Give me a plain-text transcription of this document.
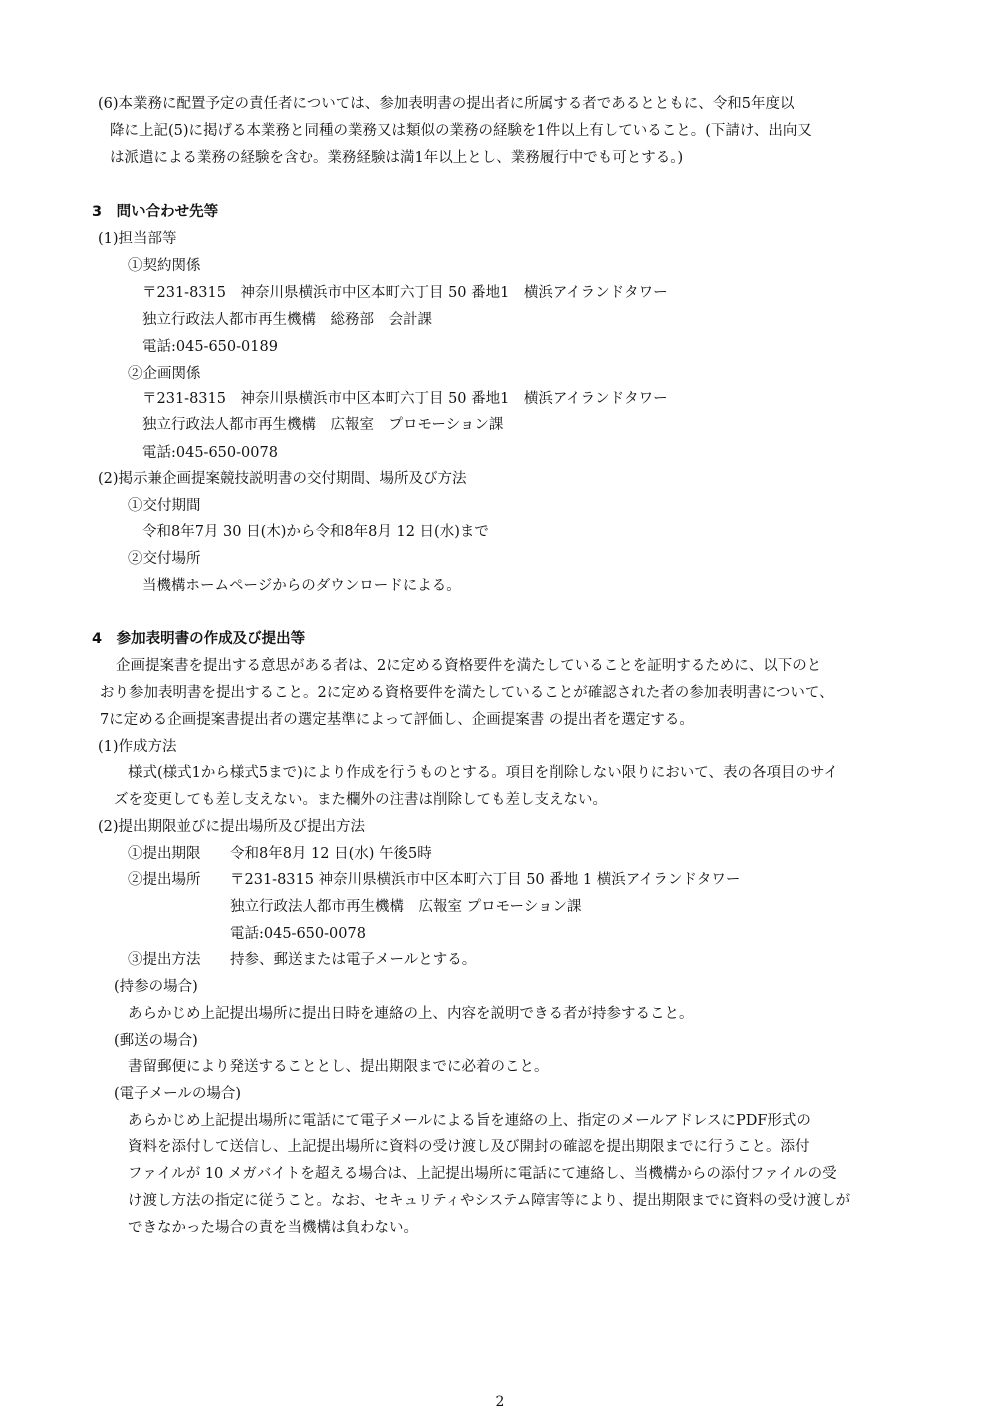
(6)本業務に配置予定の責任者については、参加表明書の提出者に所属する者であるとともに、令和5年度以
降に上記(5)に掲げる本業務と同種の業務又は類似の業務の経験を1件以上有していること。(下請け、出向又
は派遣による業務の経験を含む。業務経験は満1年以上とし、業務履行中でも可とする。)
3　問い合わせ先等
(1)担当部等
①契約関係
〒231-8315　神奈川県横浜市中区本町六丁目 50 番地1　横浜アイランドタワー
独立行政法人都市再生機構　総務部　会計課
電話:045-650-0189
②企画関係
〒231-8315　神奈川県横浜市中区本町六丁目 50 番地1　横浜アイランドタワー
独立行政法人都市再生機構　広報室　プロモーション課
電話:045-650-0078
(2)掲示兼企画提案競技説明書の交付期間、場所及び方法
①交付期間
令和8年7月 30 日(木)から令和8年8月 12 日(水)まで
②交付場所
当機構ホームページからのダウンロードによる。
4　参加表明書の作成及び提出等
企画提案書を提出する意思がある者は、2に定める資格要件を満たしていることを証明するために、以下のと
おり参加表明書を提出すること。2に定める資格要件を満たしていることが確認された者の参加表明書について、
7に定める企画提案書提出者の選定基準によって評価し、企画提案書 の提出者を選定する。
(1)作成方法
様式(様式1から様式5まで)により作成を行うものとする。項目を削除しない限りにおいて、表の各項目のサイ
ズを変更しても差し支えない。また欄外の注書は削除しても差し支えない。
(2)提出期限並びに提出場所及び提出方法
①提出期限 令和8年8月 12 日(水) 午後5時
②提出場所 〒231-8315 神奈川県横浜市中区本町六丁目 50 番地 1 横浜アイランドタワー
独立行政法人都市再生機構　広報室 プロモーション課
電話:045-650-0078
③提出方法 持参、郵送または電子メールとする。
(持参の場合)
あらかじめ上記提出場所に提出日時を連絡の上、内容を説明できる者が持参すること。
(郵送の場合)
書留郵便により発送することとし、提出期限までに必着のこと。
(電子メールの場合)
あらかじめ上記提出場所に電話にて電子メールによる旨を連絡の上、指定のメールアドレスにPDF形式の
資料を添付して送信し、上記提出場所に資料の受け渡し及び開封の確認を提出期限までに行うこと。添付
ファイルが 10 メガバイトを超える場合は、上記提出場所に電話にて連絡し、当機構からの添付ファイルの受
け渡し方法の指定に従うこと。なお、セキュリティやシステム障害等により、提出期限までに資料の受け渡しが
できなかった場合の責を当機構は負わない。
2
